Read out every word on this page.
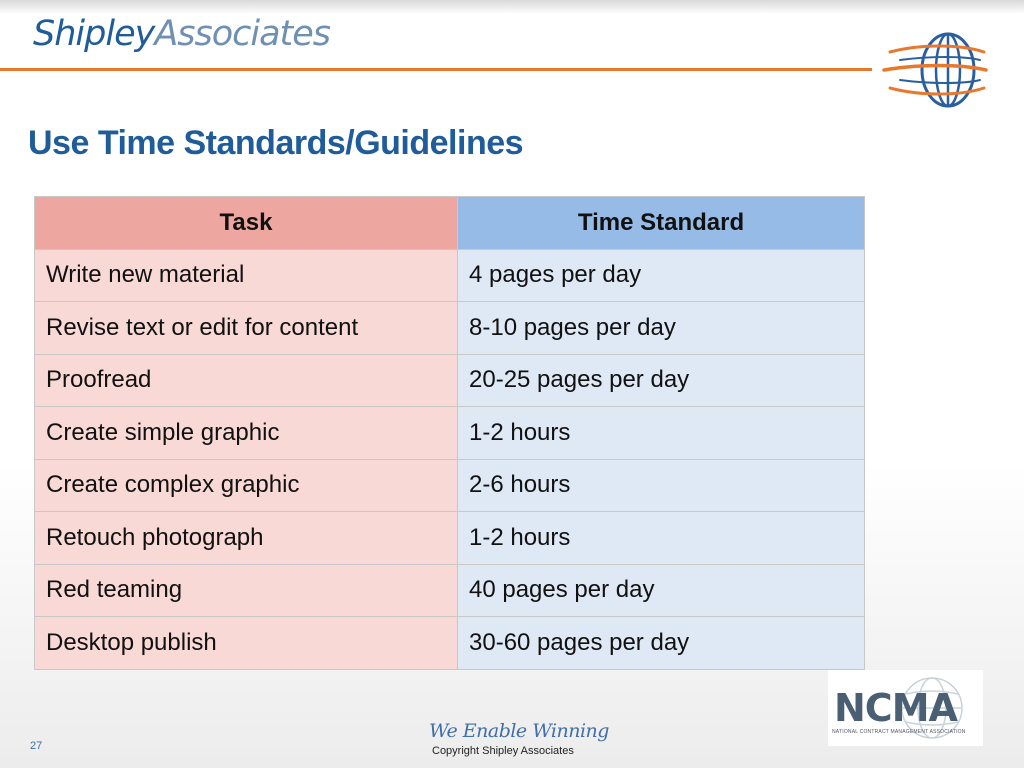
ShipleyAssociates
Use Time Standards/Guidelines
Task	Time Standard
Write new material	4 pages per day
Revise text or edit for content	8-10 pages per day
Proofread	20-25 pages per day
Create simple graphic	1-2 hours
Create complex graphic	2-6 hours
Retouch photograph	1-2 hours
Red teaming	40 pages per day
Desktop publish	30-60 pages per day
NCMA
NATIONAL CONTRACT MANAGEMENT ASSOCIATION
We Enable Winning
Copyright Shipley Associates
27
